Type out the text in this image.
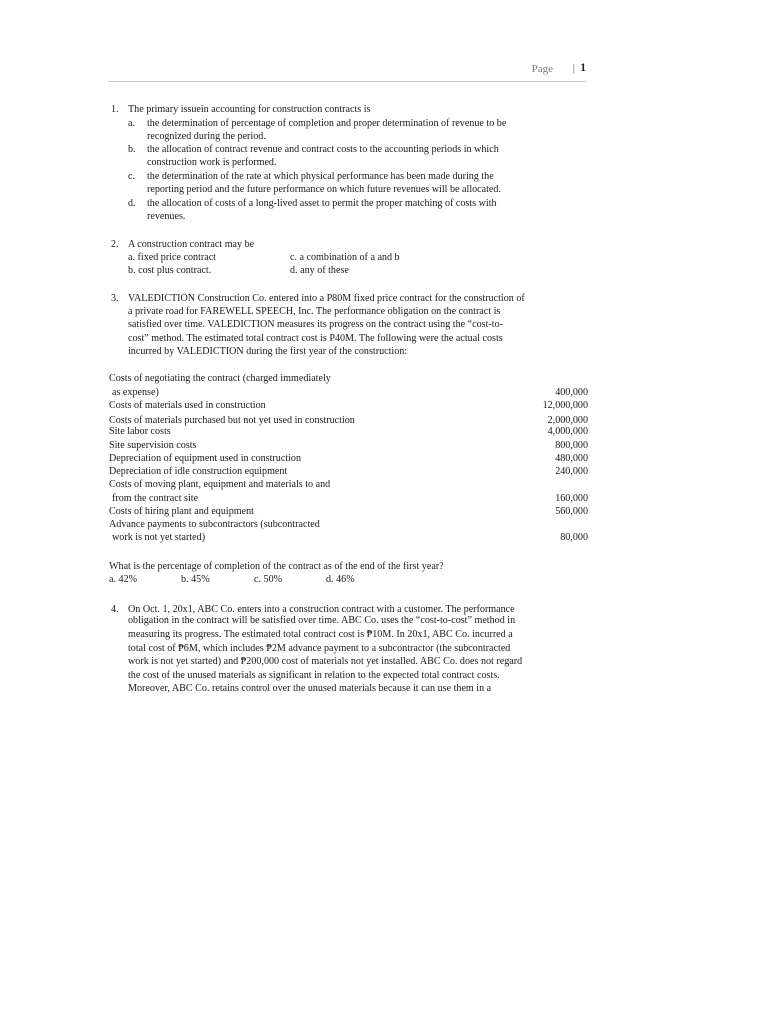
Page | 1
1. The primary issuein accounting for construction contracts is
a. the determination of percentage of completion and proper determination of revenue to be
recognized during the period.
b. the allocation of contract revenue and contract costs to the accounting periods in which
construction work is performed.
c. the determination of the rate at which physical performance has been made during the
reporting period and the future performance on which future revenues will be allocated.
d. the allocation of costs of a long-lived asset to permit the proper matching of costs with
revenues.
2. A construction contract may be
a. fixed price contract
b. cost plus contract.
c. a combination of a and b
d. any of these
3. VALEDICTION Construction Co. entered into a P80M fixed price contract for the construction of
a private road for FAREWELL SPEECH, Inc. The performance obligation on the contract is
satisfied over time. VALEDICTION measures its progress on the contract using the “cost-to-
cost” method. The estimated total contract cost is P40M. The following were the actual costs
incurred by VALEDICTION during the first year of the construction:
Costs of negotiating the contract (charged immediately
as expense)	400,000
Costs of materials used in construction	12,000,000
Costs of materials purchased but not yet used in construction	2,000,000
Site labor costs	4,000,000
Site supervision costs	800,000
Depreciation of equipment used in construction	480,000
Depreciation of idle construction equipment	240,000
Costs of moving plant, equipment and materials to and
from the contract site	160,000
Costs of hiring plant and equipment	560,000
Advance payments to subcontractors (subcontracted
work is not yet started)	80,000
What is the percentage of completion of the contract as of the end of the first year?
a. 42%	b. 45%	c. 50%	d. 46%
4. On Oct. 1, 20x1, ABC Co. enters into a construction contract with a customer. The performance
obligation in the contract will be satisfied over time. ABC Co. uses the “cost-to-cost” method in
measuring its progress. The estimated total contract cost is ₱10M. In 20x1, ABC Co. incurred a
total cost of ₱6M, which includes ₱2M advance payment to a subcontractor (the subcontracted
work is not yet started) and ₱200,000 cost of materials not yet installed. ABC Co. does not regard
the cost of the unused materials as significant in relation to the expected total contract costs.
Moreover, ABC Co. retains control over the unused materials because it can use them in a
